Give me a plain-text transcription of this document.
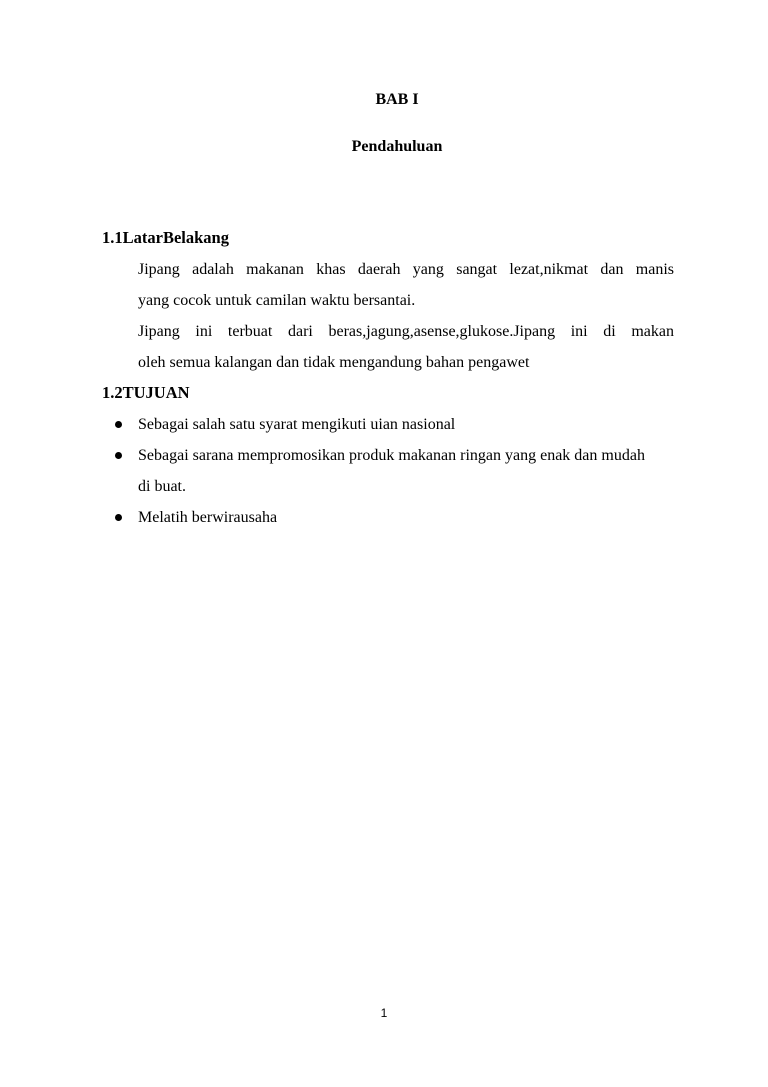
BAB I
Pendahuluan
1.1LatarBelakang
Jipang adalah makanan khas daerah yang sangat lezat,nikmat dan manis
yang cocok untuk camilan waktu bersantai.
Jipang ini terbuat dari beras,jagung,asense,glukose.Jipang ini di makan
oleh semua kalangan dan tidak mengandung bahan pengawet
1.2TUJUAN
Sebagai salah satu syarat mengikuti uian nasional
Sebagai sarana mempromosikan produk makanan ringan yang enak dan mudah di buat.
Melatih berwirausaha
1
